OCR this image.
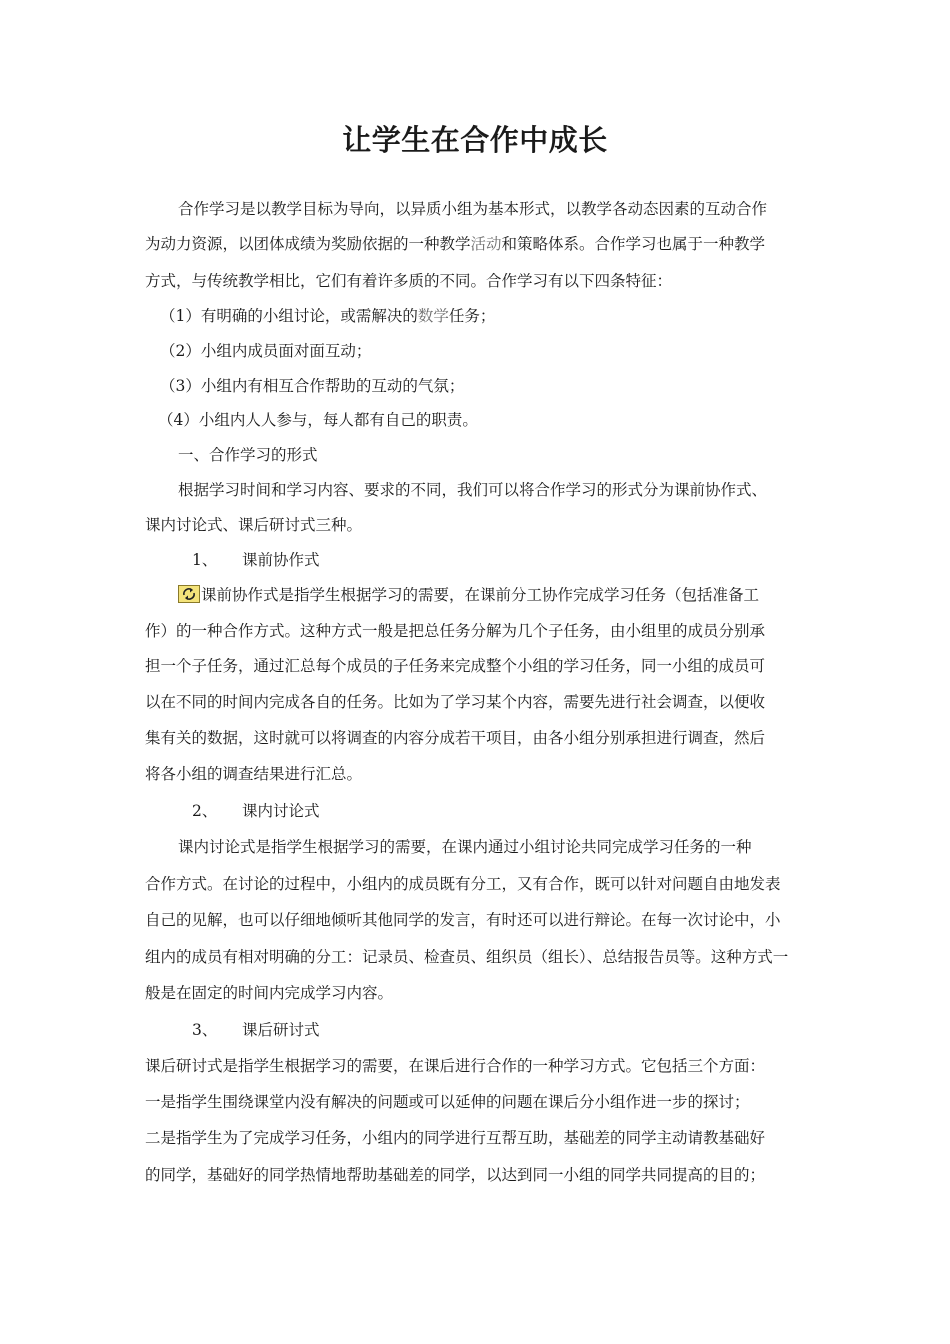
让学生在合作中成长
合作学习是以教学目标为导向，以异质小组为基本形式，以教学各动态因素的互动合作
为动力资源，以团体成绩为奖励依据的一种教学活动和策略体系。合作学习也属于一种教学
方式，与传统教学相比，它们有着许多质的不同。合作学习有以下四条特征：
（1）有明确的小组讨论，或需解决的数学任务；
（2）小组内成员面对面互动；
（3）小组内有相互合作帮助的互动的气氛；
（4）小组内人人参与，每人都有自己的职责。
一、合作学习的形式
根据学习时间和学习内容、要求的不同，我们可以将合作学习的形式分为课前协作式、
课内讨论式、课后研讨式三种。
1、 课前协作式
课前协作式是指学生根据学习的需要，在课前分工协作完成学习任务（包括准备工
作）的一种合作方式。这种方式一般是把总任务分解为几个子任务，由小组里的成员分别承
担一个子任务，通过汇总每个成员的子任务来完成整个小组的学习任务，同一小组的成员可
以在不同的时间内完成各自的任务。比如为了学习某个内容，需要先进行社会调查，以便收
集有关的数据，这时就可以将调查的内容分成若干项目，由各小组分别承担进行调查，然后
将各小组的调查结果进行汇总。
2、 课内讨论式
课内讨论式是指学生根据学习的需要，在课内通过小组讨论共同完成学习任务的一种
合作方式。在讨论的过程中，小组内的成员既有分工，又有合作，既可以针对问题自由地发表
自己的见解，也可以仔细地倾听其他同学的发言，有时还可以进行辩论。在每一次讨论中，小
组内的成员有相对明确的分工：记录员、检查员、组织员（组长）、总结报告员等。这种方式一
般是在固定的时间内完成学习内容。
3、 课后研讨式
课后研讨式是指学生根据学习的需要，在课后进行合作的一种学习方式。它包括三个方面：
一是指学生围绕课堂内没有解决的问题或可以延伸的问题在课后分小组作进一步的探讨；
二是指学生为了完成学习任务，小组内的同学进行互帮互助，基础差的同学主动请教基础好
的同学，基础好的同学热情地帮助基础差的同学，以达到同一小组的同学共同提高的目的；
